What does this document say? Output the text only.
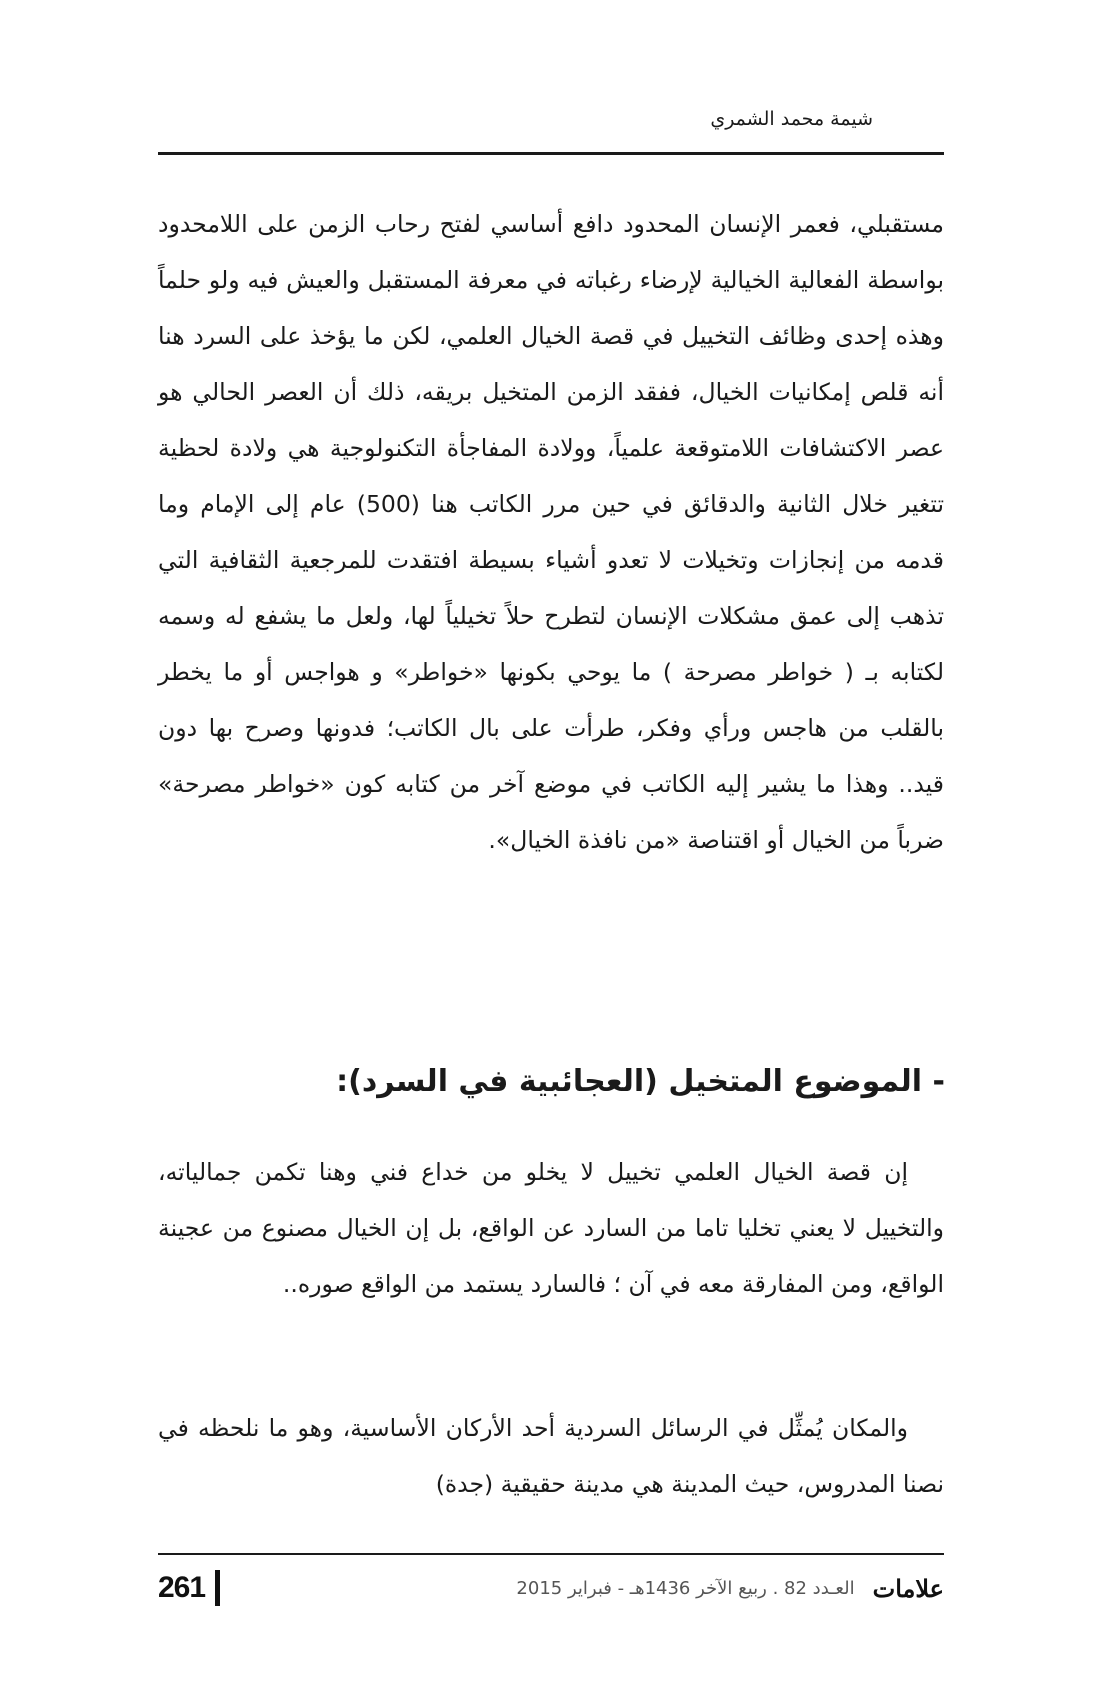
شيمة محمد الشمري

مستقبلي، فعمر الإنسان المحدود دافع أساسي لفتح رحاب الزمن على اللامحدود بواسطة الفعالية الخيالية لإرضاء رغباته في معرفة المستقبل والعيش فيه ولو حلماً وهذه إحدى وظائف التخييل في قصة الخيال العلمي، لكن ما يؤخذ على السرد هنا أنه قلص إمكانيات الخيال، ففقد الزمن المتخيل بريقه، ذلك أن العصر الحالي هو عصر الاكتشافات اللامتوقعة علمياً، وولادة المفاجأة التكنولوجية هي ولادة لحظية تتغير خلال الثانية والدقائق في حين مرر الكاتب هنا (500) عام إلى الإمام وما قدمه من إنجازات وتخيلات لا تعدو أشياء بسيطة افتقدت للمرجعية الثقافية التي تذهب إلى عمق مشكلات الإنسان لتطرح حلاً تخيلياً لها، ولعل ما يشفع له وسمه لكتابه بـ ( خواطر مصرحة ) ما يوحي بكونها «خواطر» و هواجس أو ما يخطر بالقلب من هاجس ورأي وفكر، طرأت على بال الكاتب؛ فدونها وصرح بها دون قيد.. وهذا ما يشير إليه الكاتب في موضع آخر من كتابه كون «خواطر مصرحة» ضرباً من الخيال أو اقتناصة «من نافذة الخيال».

- الموضوع المتخيل (العجائبية في السرد):

إن قصة الخيال العلمي تخييل لا يخلو من خداع فني وهنا تكمن جمالياته، والتخييل لا يعني تخليا تاما من السارد عن الواقع، بل إن الخيال مصنوع من عجينة الواقع، ومن المفارقة معه في آن ؛ فالسارد يستمد من الواقع صوره..

والمكان يُمثِّل في الرسائل السردية أحد الأركان الأساسية، وهو ما نلحظه في نصنا المدروس، حيث المدينة هي مدينة حقيقية (جدة)

261	العـدد 82 . ربيع الآخر 1436هـ - فبراير 2015 علامات
